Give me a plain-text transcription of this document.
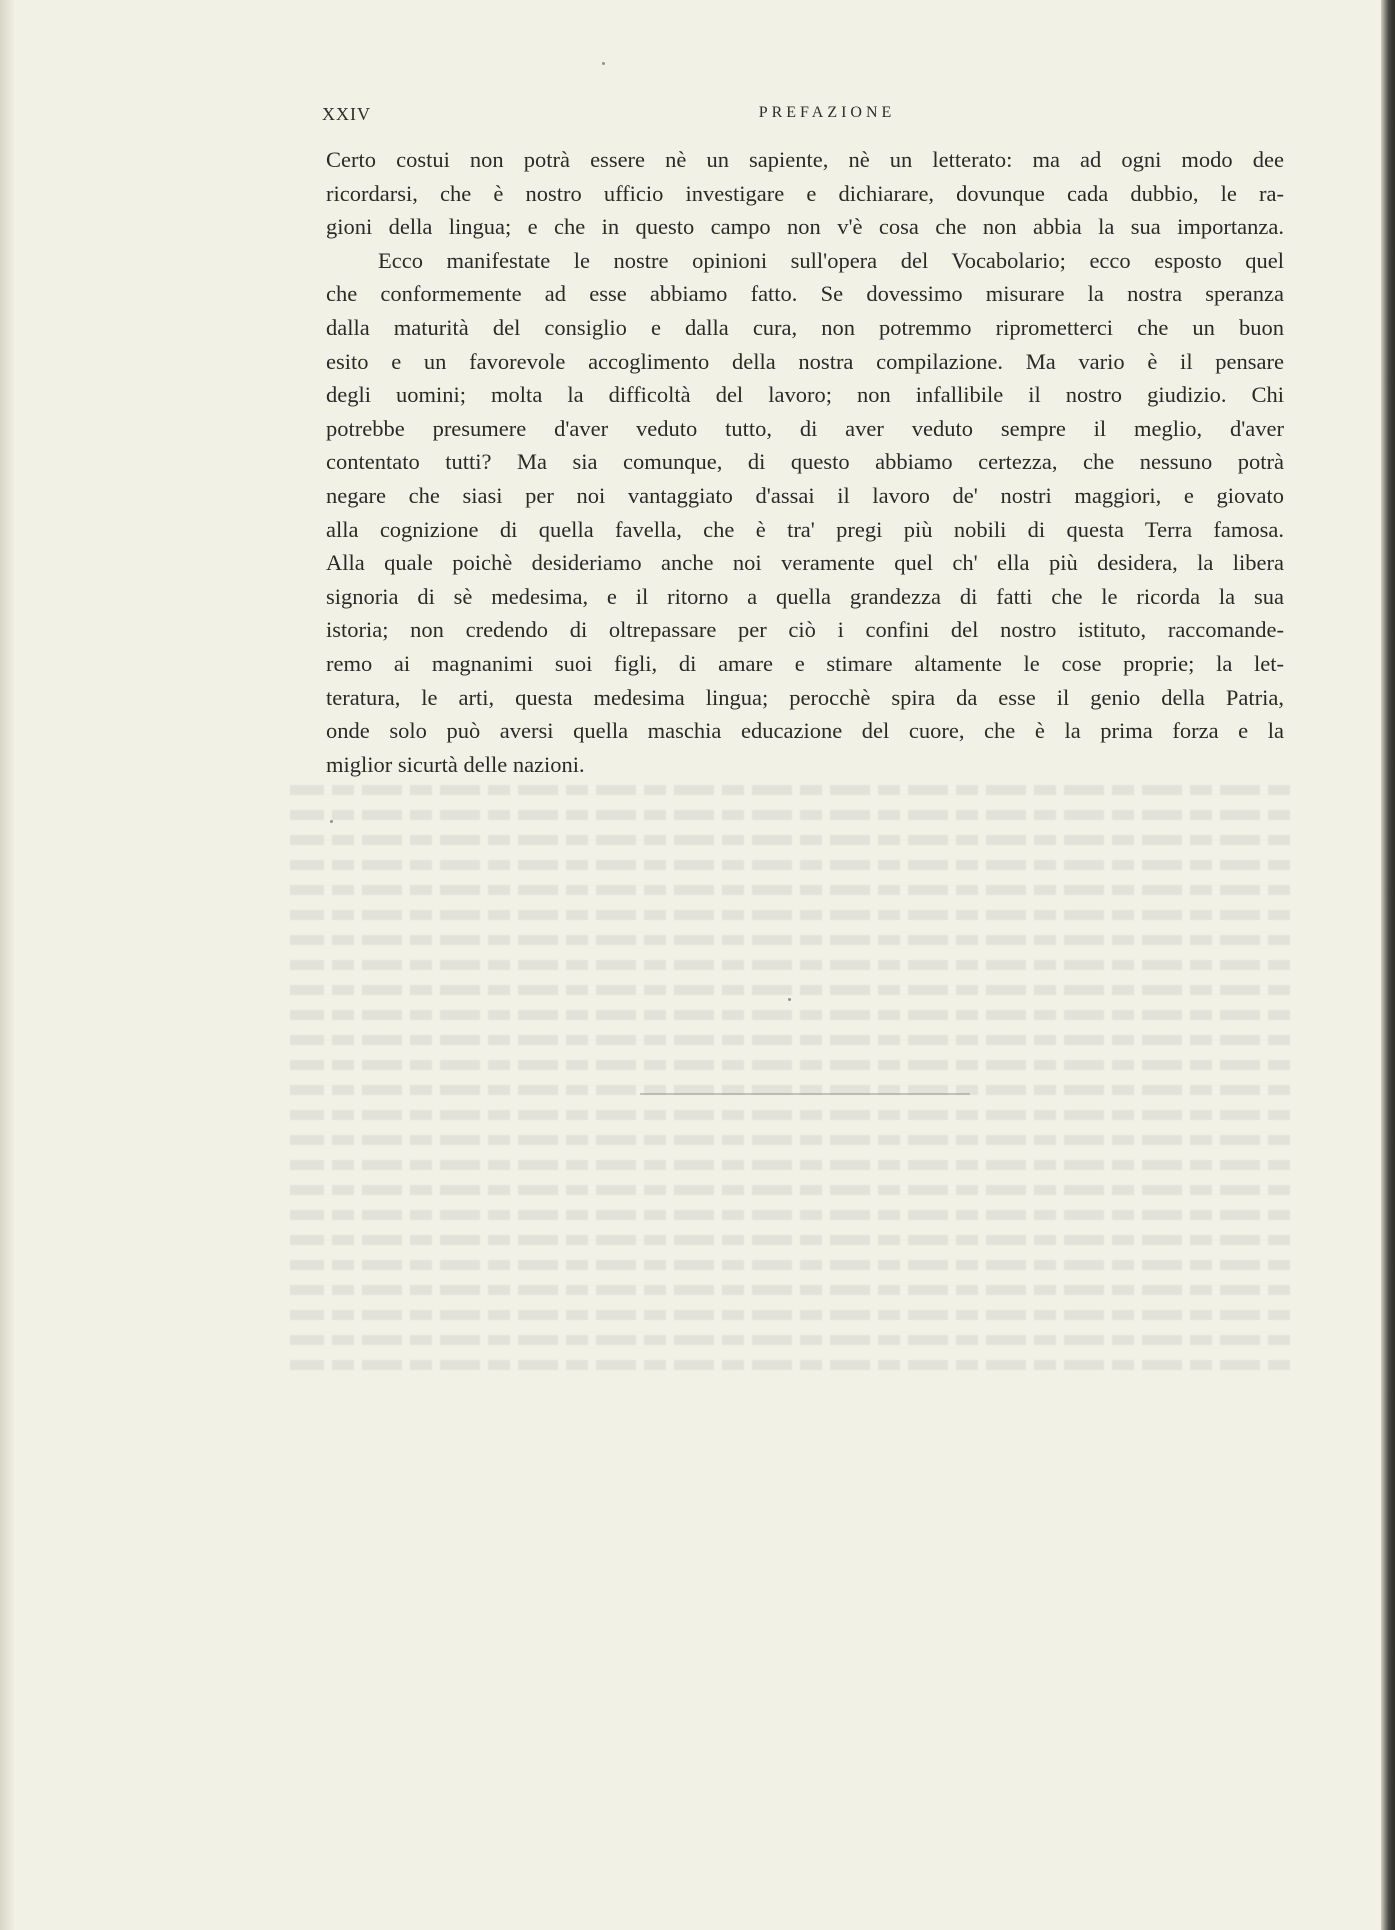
XXIV	PREFAZIONE
Certo costui non potrà essere nè un sapiente, nè un letterato: ma ad ogni modo dee
ricordarsi, che è nostro ufficio investigare e dichiarare, dovunque cada dubbio, le ra-
gioni della lingua; e che in questo campo non v'è cosa che non abbia la sua importanza.
Ecco manifestate le nostre opinioni sull'opera del Vocabolario; ecco esposto quel
che conformemente ad esse abbiamo fatto. Se dovessimo misurare la nostra speranza
dalla maturità del consiglio e dalla cura, non potremmo riprometterci che un buon
esito e un favorevole accoglimento della nostra compilazione. Ma vario è il pensare
degli uomini; molta la difficoltà del lavoro; non infallibile il nostro giudizio. Chi
potrebbe presumere d'aver veduto tutto, di aver veduto sempre il meglio, d'aver
contentato tutti? Ma sia comunque, di questo abbiamo certezza, che nessuno potrà
negare che siasi per noi vantaggiato d'assai il lavoro de' nostri maggiori, e giovato
alla cognizione di quella favella, che è tra' pregi più nobili di questa Terra famosa.
Alla quale poichè desideriamo anche noi veramente quel ch' ella più desidera, la libera
signoria di sè medesima, e il ritorno a quella grandezza di fatti che le ricorda la sua
istoria; non credendo di oltrepassare per ciò i confini del nostro istituto, raccomande-
remo ai magnanimi suoi figli, di amare e stimare altamente le cose proprie; la let-
teratura, le arti, questa medesima lingua; perocchè spira da esse il genio della Patria,
onde solo può aversi quella maschia educazione del cuore, che è la prima forza e la
miglior sicurtà delle nazioni.
